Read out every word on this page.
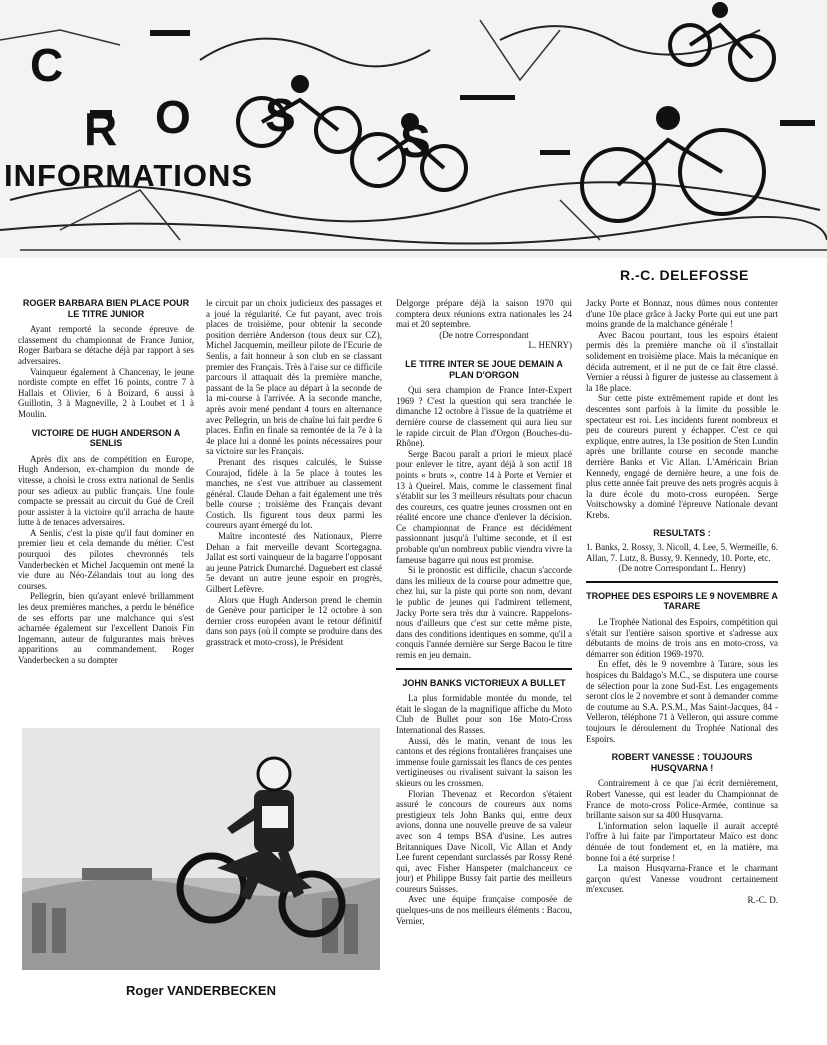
C
R O S S
INFORMATIONS
R.-C. DELEFOSSE
ROGER BARBARA BIEN PLACE POUR LE TITRE JUNIOR

Ayant remporté la seconde épreuve de classement du championnat de France Junior, Roger Barbara se détache déjà par rapport à ses adversaires.

Vainqueur également à Chancenay, le jeune nordiste compte en effet 16 points, contre 7 à Hallais et Olivier, 6 à Boizard, 6 aussi à Guillotin, 3 à Magneville, 2 à Loubet et 1 à Moulin.

VICTOIRE DE HUGH ANDERSON A SENLIS

Après dix ans de compétition en Europe, Hugh Anderson, ex-champion du monde de vitesse, a choisi le cross extra national de Senlis pour ses adieux au public français. Une foule compacte se pressait au circuit du Gué de Creil pour assister à la victoire qu'il arracha de haute lutte à de tenaces adversaires.

A Senlis, c'est la piste qu'il faut dominer en premier lieu et cela demande du métier. C'est pourquoi des pilotes chevronnés tels Vanderbecken et Michel Jacquemin ont mené la vie dure au Néo-Zélandais tout au long des courses.

Pellegrin, bien qu'ayant enlevé brillamment les deux premières manches, a perdu le bénéfice de ses efforts par une malchance qui s'est acharnée également sur l'excellent Danois Fin Ingemann, auteur de fulgurantes mais brèves apparitions au commandement. Roger Vanderbecken a su dompter

le circuit par un choix judicieux des passages et a joué la régularité. Ce fut payant, avec trois places de troisième, pour obtenir la seconde position derrière Anderson (tous deux sur CZ), Michel Jacquemin, meilleur pilote de l'Ecurie de Senlis, a fait honneur à son club en se classant premier des Français. Très à l'aise sur ce difficile parcours il attaquait dès la première manche, passant de la 5e place au départ à la seconde de la mi-course à l'arrivée. A la seconde manche, après avoir mené pendant 4 tours en alternance avec Pellegrin, un bris de chaîne lui fait perdre 6 places. Enfin en finale sa remontée de la 7e à la 4e place lui a donné les points nécessaires pour sa victoire sur les Français.

Prenant des risques calculés, le Suisse Courajod, fidèle à la 5e place à toutes les manches, ne s'est vue attribuer au classement général. Claude Dehan a fait également une très belle course ; troisième des Français devant Costich. Ils figurent tous deux parmi les coureurs ayant émergé du lot.

Maître incontesté des Nationaux, Pierre Dehan a fait merveille devant Scortegagna. Jallat est sorti vainqueur de la bagarre l'opposant au jeune Patrick Dumarché. Daguebert est classé 5e devant un autre jeune espoir en progrès, Gilbert Lefèvre.

Alors que Hugh Anderson prend le chemin de Genève pour participer le 12 octobre à son dernier cross européen avant le retour définitif dans son pays (où il compte se produire dans des grasstrack et moto-cross), le Président

Delgorge prépare déjà la saison 1970 qui comptera deux réunions extra nationales les 24 mai et 20 septembre.

(De notre Correspondant

L. HENRY)

LE TITRE INTER SE JOUE DEMAIN A PLAN D'ORGON

Qui sera champion de France Inter-Expert 1969 ? C'est la question qui sera tranchée le dimanche 12 octobre à l'issue de la quatrième et dernière course de classement qui aura lieu sur le rapide circuit de Plan d'Orgon (Bouches-du-Rhône).

Serge Bacou paraît a priori le mieux placé pour enlever le titre, ayant déjà à son actif 18 points « bruts », contre 14 à Porte et Vernier et 13 à Queirel. Mais, comme le classement final s'établit sur les 3 meilleurs résultats pour chacun des coureurs, ces quatre jeunes crossmen ont en réalité encore une chance d'enlever la décision. Ce championnat de France est décidément passionnant jusqu'à l'ultime seconde, et il est probable qu'un nombreux public viendra vivre la fameuse bagarre qui nous est promise.

Si le pronostic est difficile, chacun s'accorde dans les milieux de la course pour admettre que, chez lui, sur la piste qui porte son nom, devant le public de jeunes qui l'admirent tellement, Jacky Porte sera très dur à vaincre. Rappelons-nous d'ailleurs que c'est sur cette même piste, dans des conditions identiques en somme, qu'il a conquis l'année dernière sur Serge Bacou le titre remis en jeu demain.

JOHN BANKS VICTORIEUX A BULLET

La plus formidable montée du monde, tel était le slogan de la magnifique affiche du Moto Club de Bullet pour son 16e Moto-Cross International des Rasses.

Aussi, dès le matin, venant de tous les cantons et des régions frontalières françaises une immense foule garnissait les flancs de ces pentes vertigineuses ou rivalisent suivant la saison les skieurs ou les crossmen.

Florian Thevenaz et Recordon s'étaient assuré le concours de coureurs aux noms prestigieux tels John Banks qui, entre deux avions, donna une nouvelle preuve de sa valeur avec son 4 temps BSA d'usine. Les autres Britanniques Dave Nicoll, Vic Allan et Andy Lee furent cependant surclassés par Rossy René qui, avec Fisher Hanspeter (malchanceux ce jour) et Philippe Bussy fait partie des meilleurs coureurs Suisses.

Avec une équipe française composée de quelques-uns de nos meilleurs éléments : Bacou, Vernier,

Jacky Porte et Bonnaz, nous dûmes nous contenter d'une 10e place grâce à Jacky Porte qui eut une part moins grande de la malchance générale !

Avec Bacou pourtant, tous les espoirs étaient permis dès la première manche où il s'installait solidement en troisième place. Mais la mécanique en décida autrement, et il ne put de ce fait être classé. Vernier a réussi à figurer de justesse au classement à la 18e place.

Sur cette piste extrêmement rapide et dont les descentes sont parfois à la limite du possible le spectateur est roi. Les incidents furent nombreux et peu de coureurs purent y échapper. C'est ce qui explique, entre autres, la 13e position de Sten Lundin après une brillante course en seconde manche derrière Banks et Vic Allan. L'Américain Brian Kennedy, engagé de dernière heure, a une fois de plus cette année fait preuve des nets progrès acquis à la dure école du moto-cross européen. Serge Voitschowsky a dominé l'épreuve Nationale devant Krebs.

RESULTATS :

1. Banks, 2. Rossy, 3. Nicoll, 4. Lee, 5. Wermeille, 6. Allan, 7. Lutz, 8. Bussy, 9. Kennedy, 10. Porte, etc.

(De notre Correspondant L. Henry)

TROPHEE DES ESPOIRS LE 9 NOVEMBRE A TARARE

Le Trophée National des Espoirs, compétition qui s'était sur l'entière saison sportive et s'adresse aux débutants de moins de trois ans en moto-cross, va démarrer son édition 1969-1970.

En effet, dès le 9 novembre à Tarare, sous les hospices du Baldago's M.C., se disputera une course de sélection pour la zone Sud-Est. Les engagements seront clos le 2 novembre et sont à demander comme de coutume au S.A. P.S.M., Mas Saint-Jacques, 84 - Velleron, téléphone 71 à Velleron, qui assure comme toujours le déroulement du Trophée National des Espoirs.

ROBERT VANESSE : TOUJOURS HUSQVARNA !

Contrairement à ce que j'ai écrit dernièrement, Robert Vanesse, qui est leader du Championnat de France de moto-cross Police-Armée, continue sa brillante saison sur sa 400 Husqvarna.

L'information selon laquelle il aurait accepté l'offre à lui faite par l'importateur Maïco est donc dénuée de tout fondement et, en la matière, ma bonne foi a été surprise !

La maison Husqvarna-France et le charmant garçon qu'est Vanesse voudront certainement m'excuser.

R.-C. D.

Roger VANDERBECKEN
